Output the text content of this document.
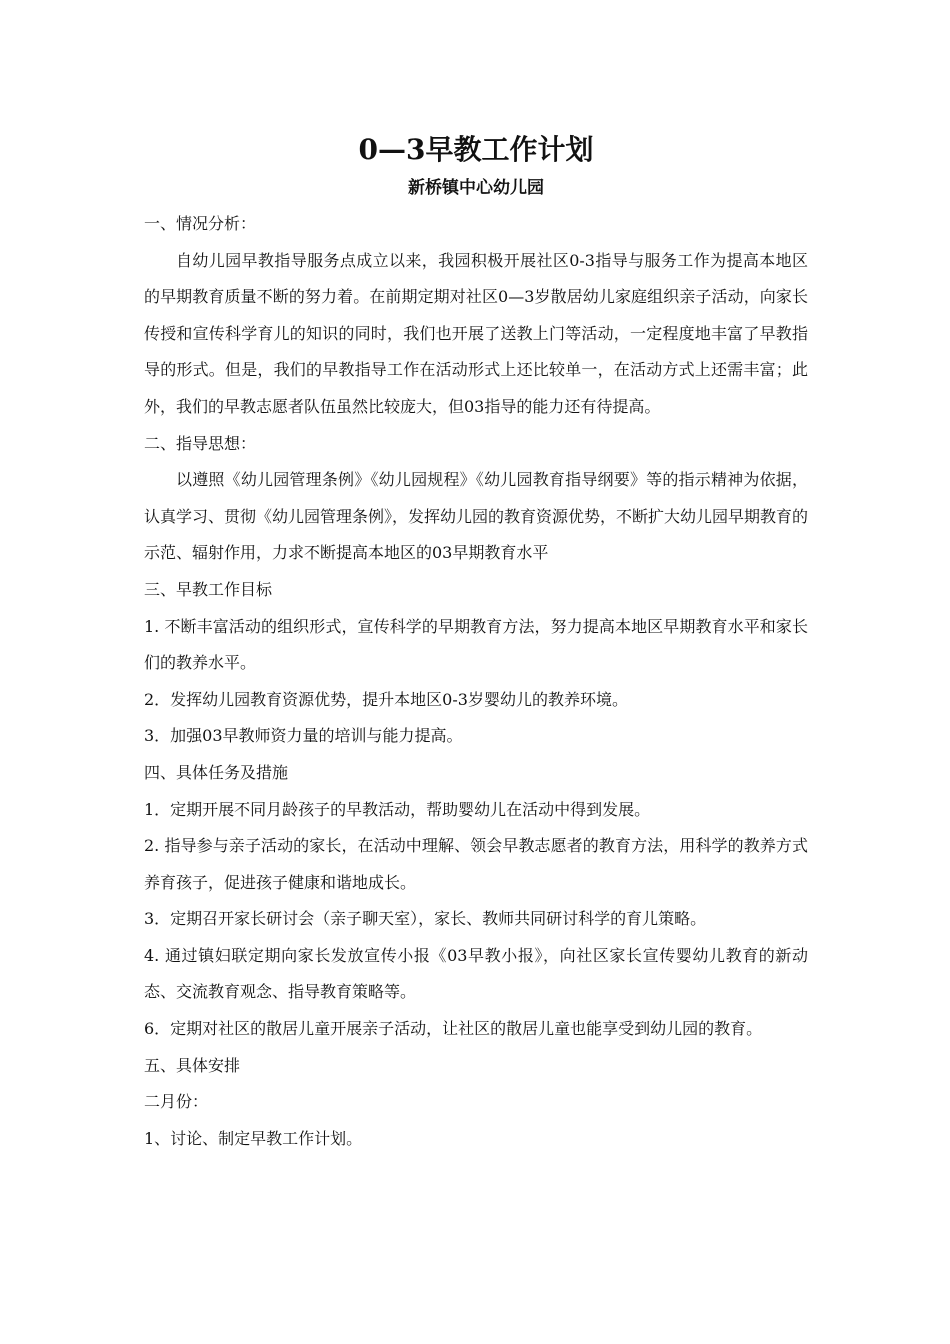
0—3早教工作计划
新桥镇中心幼儿园
一、情况分析：

自幼儿园早教指导服务点成立以来，我园积极开展社区0-3指导与服务工作为提高本地区的早期教育质量不断的努力着。在前期定期对社区0—3岁散居幼儿家庭组织亲子活动，向家长传授和宣传科学育儿的知识的同时，我们也开展了送教上门等活动，一定程度地丰富了早教指导的形式。但是，我们的早教指导工作在活动形式上还比较单一，在活动方式上还需丰富；此外，我们的早教志愿者队伍虽然比较庞大，但03指导的能力还有待提高。

二、指导思想：

以遵照《幼儿园管理条例》《幼儿园规程》《幼儿园教育指导纲要》等的指示精神为依据，认真学习、贯彻《幼儿园管理条例》，发挥幼儿园的教育资源优势，不断扩大幼儿园早期教育的示范、辐射作用，力求不断提高本地区的03早期教育水平

三、早教工作目标

1. 不断丰富活动的组织形式，宣传科学的早期教育方法，努力提高本地区早期教育水平和家长们的教养水平。

2．发挥幼儿园教育资源优势，提升本地区0-3岁婴幼儿的教养环境。

3．加强03早教师资力量的培训与能力提高。

四、具体任务及措施

1．定期开展不同月龄孩子的早教活动，帮助婴幼儿在活动中得到发展。

2. 指导参与亲子活动的家长，在活动中理解、领会早教志愿者的教育方法，用科学的教养方式养育孩子，促进孩子健康和谐地成长。

3．定期召开家长研讨会（亲子聊天室），家长、教师共同研讨科学的育儿策略。

4. 通过镇妇联定期向家长发放宣传小报《03早教小报》，向社区家长宣传婴幼儿教育的新动态、交流教育观念、指导教育策略等。

6．定期对社区的散居儿童开展亲子活动，让社区的散居儿童也能享受到幼儿园的教育。

五、具体安排
二月份：

1、讨论、制定早教工作计划。
